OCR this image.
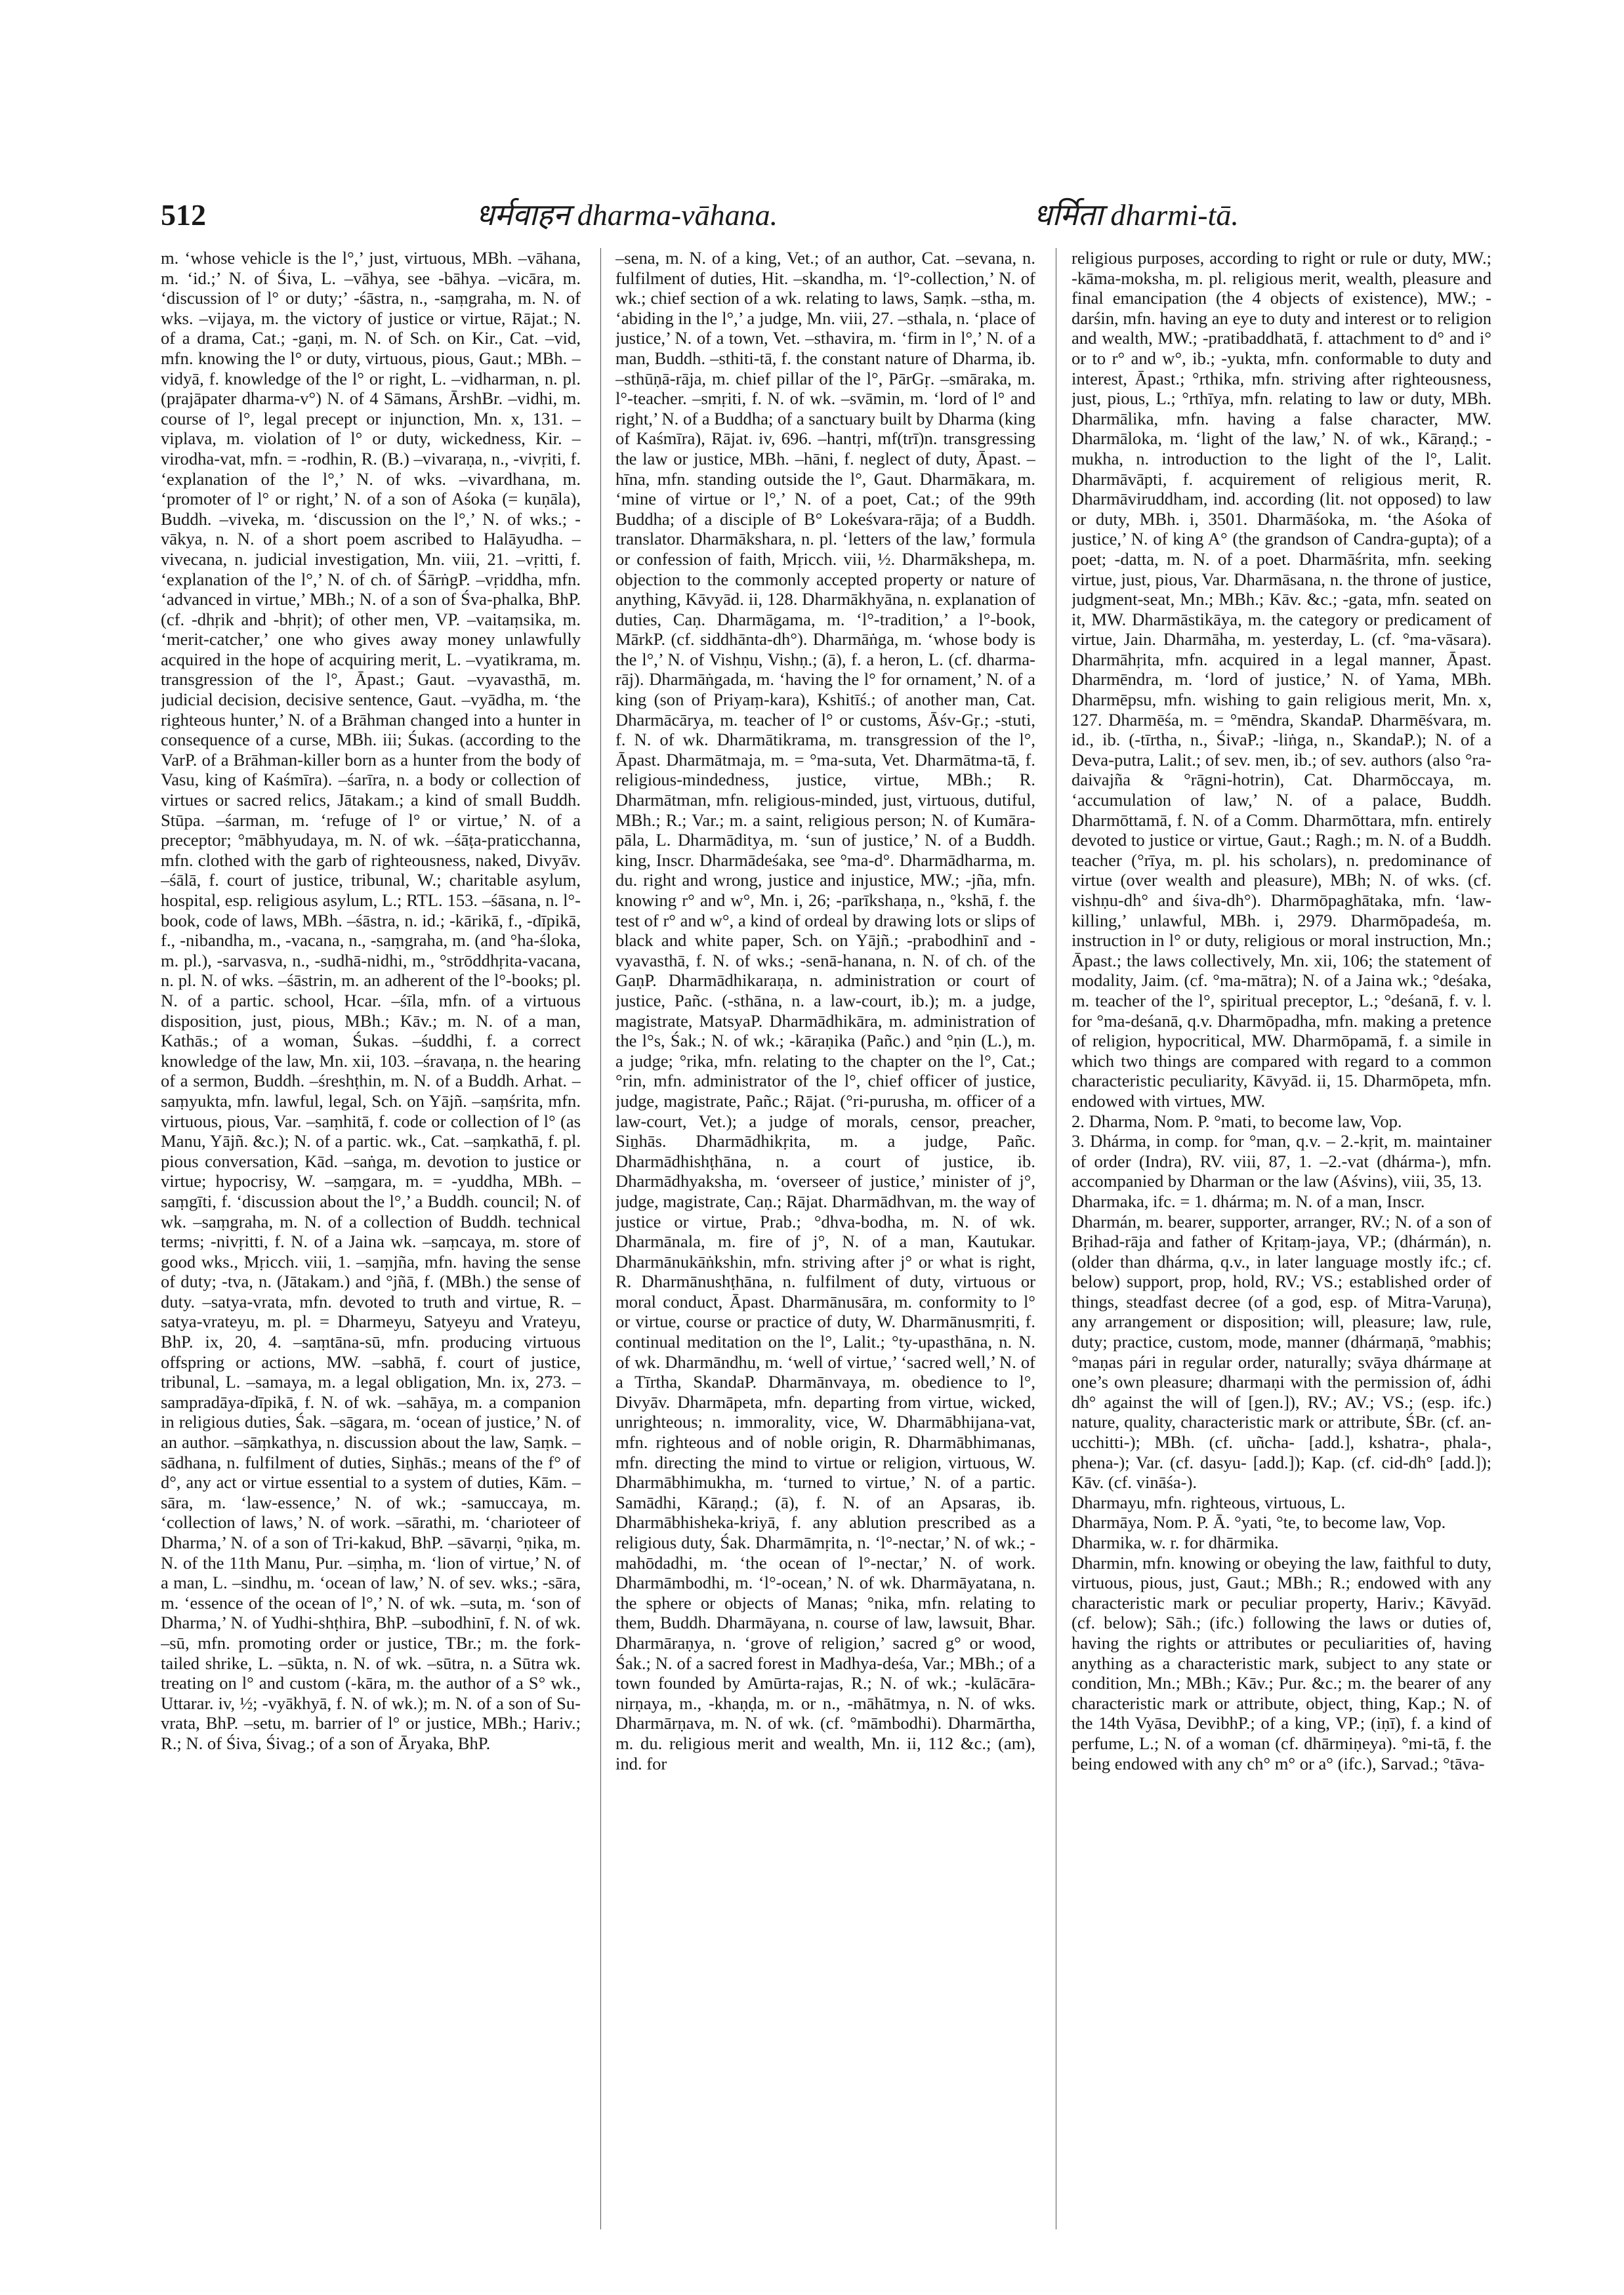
512	धर्मवाहन dharma-vāhana.	धर्मिता dharmi-tā.

m. ‘whose vehicle is the l°,’ just, virtuous, MBh. –vāhana, m. ‘id.;’ N. of Śiva, L. –vāhya, see -bāhya. –vicāra, m. ‘discussion of l° or duty;’ -śāstra, n., -saṃgraha, m. N. of wks. –vijaya, m. the victory of justice or virtue, Rājat.; N. of a drama, Cat.; -gaṇi, m. N. of Sch. on Kir., Cat. –vid, mfn. knowing the l° or duty, virtuous, pious, Gaut.; MBh. –vidyā, f. knowledge of the l° or right, L. –vidharman, n. pl. (prajāpater dharma-v°) N. of 4 Sāmans, ĀrshBr. –vidhi, m. course of l°, legal precept or injunction, Mn. x, 131. –viplava, m. violation of l° or duty, wickedness, Kir. –virodha-vat, mfn. = -rodhin, R. (B.) –vivaraṇa, n., -vivṛiti, f. ‘explanation of the l°,’ N. of wks. –vivardhana, m. ‘promoter of l° or right,’ N. of a son of Aśoka (= kuṇāla), Buddh. –viveka, m. ‘discussion on the l°,’ N. of wks.; -vākya, n. N. of a short poem ascribed to Halāyudha. –vivecana, n. judicial investigation, Mn. viii, 21. –vṛitti, f. ‘explanation of the l°,’ N. of ch. of ŚārṅgP. –vṛiddha, mfn. ‘advanced in virtue,’ MBh.; N. of a son of Śva-phalka, BhP. (cf. -dhṛik and -bhṛit); of other men, VP. –vaitaṃsika, m. ‘merit-catcher,’ one who gives away money unlawfully acquired in the hope of acquiring merit, L. –vyatikrama, m. transgression of the l°, Āpast.; Gaut. –vyavasthā, m. judicial decision, decisive sentence, Gaut. –vyādha, m. ‘the righteous hunter,’ N. of a Brāhman changed into a hunter in consequence of a curse, MBh. iii; Śukas. (according to the VarP. of a Brāhman-killer born as a hunter from the body of Vasu, king of Kaśmīra). –śarīra, n. a body or collection of virtues or sacred relics, Jātakam.; a kind of small Buddh. Stūpa. –śarman, m. ‘refuge of l° or virtue,’ N. of a preceptor; °mābhyudaya, m. N. of wk. –śāṭa-praticchanna, mfn. clothed with the garb of righteousness, naked, Divyāv. –śālā, f. court of justice, tribunal, W.; charitable asylum, hospital, esp. religious asylum, L.; RTL. 153. –śāsana, n. l°-book, code of laws, MBh. –śāstra, n. id.; -kārikā, f., -dīpikā, f., -nibandha, m., -vacana, n., -saṃgraha, m. (and °ha-śloka, m. pl.), -sarvasva, n., -sudhā-nidhi, m., °strōddhṛita-vacana, n. pl. N. of wks. –śāstrin, m. an adherent of the l°-books; pl. N. of a partic. school, Hcar. –śīla, mfn. of a virtuous disposition, just, pious, MBh.; Kāv.; m. N. of a man, Kathās.; of a woman, Śukas. –śuddhi, f. a correct knowledge of the law, Mn. xii, 103. –śravaṇa, n. the hearing of a sermon, Buddh. –śreshṭhin, m. N. of a Buddh. Arhat. –saṃyukta, mfn. lawful, legal, Sch. on Yājñ. –saṃśrita, mfn. virtuous, pious, Var. –saṃhitā, f. code or collection of l° (as Manu, Yājñ. &c.); N. of a partic. wk., Cat. –saṃkathā, f. pl. pious conversation, Kād. –saṅga, m. devotion to justice or virtue; hypocrisy, W. –saṃgara, m. = -yuddha, MBh. –saṃgīti, f. ‘discussion about the l°,’ a Buddh. council; N. of wk. –saṃgraha, m. N. of a collection of Buddh. technical terms; -nivṛitti, f. N. of a Jaina wk. –saṃcaya, m. store of good wks., Mṛicch. viii, 1. –saṃjña, mfn. having the sense of duty; -tva, n. (Jātakam.) and °jñā, f. (MBh.) the sense of duty. –satya-vrata, mfn. devoted to truth and virtue, R. –satya-vrateyu, m. pl. = Dharmeyu, Satyeyu and Vrateyu, BhP. ix, 20, 4. –saṃtāna-sū, mfn. producing virtuous offspring or actions, MW. –sabhā, f. court of justice, tribunal, L. –samaya, m. a legal obligation, Mn. ix, 273. –sampradāya-dīpikā, f. N. of wk. –sahāya, m. a companion in religious duties, Śak. –sāgara, m. ‘ocean of justice,’ N. of an author. –sāṃkathya, n. discussion about the law, Saṃk. –sādhana, n. fulfilment of duties, Siṉhās.; means of the f° of d°, any act or virtue essential to a system of duties, Kām. –sāra, m. ‘law-essence,’ N. of wk.; -samuccaya, m. ‘collection of laws,’ N. of work. –sārathi, m. ‘charioteer of Dharma,’ N. of a son of Tri-kakud, BhP. –sāvarṇi, °ṇika, m. N. of the 11th Manu, Pur. –siṃha, m. ‘lion of virtue,’ N. of a man, L. –sindhu, m. ‘ocean of law,’ N. of sev. wks.; -sāra, m. ‘essence of the ocean of l°,’ N. of wk. –suta, m. ‘son of Dharma,’ N. of Yudhi-shṭhira, BhP. –subodhinī, f. N. of wk. –sū, mfn. promoting order or justice, TBr.; m. the fork-tailed shrike, L. –sūkta, n. N. of wk. –sūtra, n. a Sūtra wk. treating on l° and custom (-kāra, m. the author of a S° wk., Uttarar. iv, ½; -vyākhyā, f. N. of wk.); m. N. of a son of Su-vrata, BhP. –setu, m. barrier of l° or justice, MBh.; Hariv.; R.; N. of Śiva, Śivag.; of a son of Āryaka, BhP.

–sena, m. N. of a king, Vet.; of an author, Cat. –sevana, n. fulfilment of duties, Hit. –skandha, m. ‘l°-collection,’ N. of wk.; chief section of a wk. relating to laws, Saṃk. –stha, m. ‘abiding in the l°,’ a judge, Mn. viii, 27. –sthala, n. ‘place of justice,’ N. of a town, Vet. –sthavira, m. ‘firm in l°,’ N. of a man, Buddh. –sthiti-tā, f. the constant nature of Dharma, ib. –sthūṇā-rāja, m. chief pillar of the l°, PārGṛ. –smāraka, m. l°-teacher. –smṛiti, f. N. of wk. –svāmin, m. ‘lord of l° and right,’ N. of a Buddha; of a sanctuary built by Dharma (king of Kaśmīra), Rājat. iv, 696. –hantṛi, mf(trī)n. transgressing the law or justice, MBh. –hāni, f. neglect of duty, Āpast. –hīna, mfn. standing outside the l°, Gaut. Dharmākara, m. ‘mine of virtue or l°,’ N. of a poet, Cat.; of the 99th Buddha; of a disciple of B° Lokeśvara-rāja; of a Buddh. translator. Dharmākshara, n. pl. ‘letters of the law,’ formula or confession of faith, Mṛicch. viii, ½. Dharmākshepa, m. objection to the commonly accepted property or nature of anything, Kāvyād. ii, 128. Dharmākhyāna, n. explanation of duties, Caṇ. Dharmāgama, m. ‘l°-tradition,’ a l°-book, MārkP. (cf. siddhānta-dh°). Dharmāṅga, m. ‘whose body is the l°,’ N. of Vishṇu, Vishṇ.; (ā), f. a heron, L. (cf. dharma-rāj). Dharmāṅgada, m. ‘having the l° for ornament,’ N. of a king (son of Priyaṃ-kara), Kshitīś.; of another man, Cat. Dharmācārya, m. teacher of l° or customs, Āśv-Gṛ.; -stuti, f. N. of wk. Dharmātikrama, m. transgression of the l°, Āpast. Dharmātmaja, m. = °ma-suta, Vet. Dharmātma-tā, f. religious-mindedness, justice, virtue, MBh.; R. Dharmātman, mfn. religious-minded, just, virtuous, dutiful, MBh.; R.; Var.; m. a saint, religious person; N. of Kumāra-pāla, L. Dharmāditya, m. ‘sun of justice,’ N. of a Buddh. king, Inscr. Dharmādeśaka, see °ma-d°. Dharmādharma, m. du. right and wrong, justice and injustice, MW.; -jña, mfn. knowing r° and w°, Mn. i, 26; -parīkshaṇa, n., °kshā, f. the test of r° and w°, a kind of ordeal by drawing lots or slips of black and white paper, Sch. on Yājñ.; -prabodhinī and -vyavasthā, f. N. of wks.; -senā-hanana, n. N. of ch. of the GaṇP. Dharmādhikaraṇa, n. administration or court of justice, Pañc. (-sthāna, n. a law-court, ib.); m. a judge, magistrate, MatsyaP. Dharmādhikāra, m. administration of the l°s, Śak.; N. of wk.; -kāraṇika (Pañc.) and °ṇin (L.), m. a judge; °rika, mfn. relating to the chapter on the l°, Cat.; °rin, mfn. administrator of the l°, chief officer of justice, judge, magistrate, Pañc.; Rājat. (°ri-purusha, m. officer of a law-court, Vet.); a judge of morals, censor, preacher, Siṉhās. Dharmādhikṛita, m. a judge, Pañc. Dharmādhishṭhāna, n. a court of justice, ib. Dharmādhyaksha, m. ‘overseer of justice,’ minister of j°, judge, magistrate, Caṇ.; Rājat. Dharmādhvan, m. the way of justice or virtue, Prab.; °dhva-bodha, m. N. of wk. Dharmānala, m. fire of j°, N. of a man, Kautukar. Dharmānukāṅkshin, mfn. striving after j° or what is right, R. Dharmānushṭhāna, n. fulfilment of duty, virtuous or moral conduct, Āpast. Dharmānusāra, m. conformity to l° or virtue, course or practice of duty, W. Dharmānusmṛiti, f. continual meditation on the l°, Lalit.; °ty-upasthāna, n. N. of wk. Dharmāndhu, m. ‘well of virtue,’ ‘sacred well,’ N. of a Tīrtha, SkandaP. Dharmānvaya, m. obedience to l°, Divyāv. Dharmāpeta, mfn. departing from virtue, wicked, unrighteous; n. immorality, vice, W. Dharmābhijana-vat, mfn. righteous and of noble origin, R. Dharmābhimanas, mfn. directing the mind to virtue or religion, virtuous, W. Dharmābhimukha, m. ‘turned to virtue,’ N. of a partic. Samādhi, Kāraṇḍ.; (ā), f. N. of an Apsaras, ib. Dharmābhisheka-kriyā, f. any ablution prescribed as a religious duty, Śak. Dharmāmṛita, n. ‘l°-nectar,’ N. of wk.; -mahōdadhi, m. ‘the ocean of l°-nectar,’ N. of work. Dharmāmbodhi, m. ‘l°-ocean,’ N. of wk. Dharmāyatana, n. the sphere or objects of Manas; °nika, mfn. relating to them, Buddh. Dharmāyana, n. course of law, lawsuit, Bhar. Dharmāraṇya, n. ‘grove of religion,’ sacred g° or wood, Śak.; N. of a sacred forest in Madhya-deśa, Var.; MBh.; of a town founded by Amūrta-rajas, R.; N. of wk.; -kulācāra-nirṇaya, m., -khaṇḍa, m. or n., -māhātmya, n. N. of wks. Dharmārṇava, m. N. of wk. (cf. °māmbodhi). Dharmārtha, m. du. religious merit and wealth, Mn. ii, 112 &c.; (am), ind. for

religious purposes, according to right or rule or duty, MW.; -kāma-moksha, m. pl. religious merit, wealth, pleasure and final emancipation (the 4 objects of existence), MW.; -darśin, mfn. having an eye to duty and interest or to religion and wealth, MW.; -pratibaddhatā, f. attachment to d° and i° or to r° and w°, ib.; -yukta, mfn. conformable to duty and interest, Āpast.; °rthika, mfn. striving after righteousness, just, pious, L.; °rthīya, mfn. relating to law or duty, MBh. Dharmālika, mfn. having a false character, MW. Dharmāloka, m. ‘light of the law,’ N. of wk., Kāraṇḍ.; -mukha, n. introduction to the light of the l°, Lalit. Dharmāvāpti, f. acquirement of religious merit, R. Dharmāviruddham, ind. according (lit. not opposed) to law or duty, MBh. i, 3501. Dharmāśoka, m. ‘the Aśoka of justice,’ N. of king A° (the grandson of Candra-gupta); of a poet; -datta, m. N. of a poet. Dharmāśrita, mfn. seeking virtue, just, pious, Var. Dharmāsana, n. the throne of justice, judgment-seat, Mn.; MBh.; Kāv. &c.; -gata, mfn. seated on it, MW. Dharmāstikāya, m. the category or predicament of virtue, Jain. Dharmāha, m. yesterday, L. (cf. °ma-vāsara). Dharmāhṛita, mfn. acquired in a legal manner, Āpast. Dharmēndra, m. ‘lord of justice,’ N. of Yama, MBh. Dharmēpsu, mfn. wishing to gain religious merit, Mn. x, 127. Dharmēśa, m. = °mēndra, SkandaP. Dharmēśvara, m. id., ib. (-tīrtha, n., ŚivaP.; -liṅga, n., SkandaP.); N. of a Deva-putra, Lalit.; of sev. men, ib.; of sev. authors (also °ra-daivajña & °rāgni-hotrin), Cat. Dharmōccaya, m. ‘accumulation of law,’ N. of a palace, Buddh. Dharmōttamā, f. N. of a Comm. Dharmōttara, mfn. entirely devoted to justice or virtue, Gaut.; Ragh.; m. N. of a Buddh. teacher (°rīya, m. pl. his scholars), n. predominance of virtue (over wealth and pleasure), MBh; N. of wks. (cf. vishṇu-dh° and śiva-dh°). Dharmōpaghātaka, mfn. ‘law-killing,’ unlawful, MBh. i, 2979. Dharmōpadeśa, m. instruction in l° or duty, religious or moral instruction, Mn.; Āpast.; the laws collectively, Mn. xii, 106; the statement of modality, Jaim. (cf. °ma-mātra); N. of a Jaina wk.; °deśaka, m. teacher of the l°, spiritual preceptor, L.; °deśanā, f. v. l. for °ma-deśanā, q.v. Dharmōpadha, mfn. making a pretence of religion, hypocritical, MW. Dharmōpamā, f. a simile in which two things are compared with regard to a common characteristic peculiarity, Kāvyād. ii, 15. Dharmōpeta, mfn. endowed with virtues, MW.

2. Dharma, Nom. P. °mati, to become law, Vop.

3. Dhárma, in comp. for °man, q.v. – 2.-kṛit, m. maintainer of order (Indra), RV. viii, 87, 1. –2.-vat (dhárma-), mfn. accompanied by Dharman or the law (Aśvins), viii, 35, 13.

Dharmaka, ifc. = 1. dhárma; m. N. of a man, Inscr.

Dharmán, m. bearer, supporter, arranger, RV.; N. of a son of Bṛihad-rāja and father of Kṛitaṃ-jaya, VP.; (dhármán), n. (older than dhárma, q.v., in later language mostly ifc.; cf. below) support, prop, hold, RV.; VS.; established order of things, steadfast decree (of a god, esp. of Mitra-Varuṇa), any arrangement or disposition; will, pleasure; law, rule, duty; practice, custom, mode, manner (dhármaṇā, °mabhis; °maṇas pári in regular order, naturally; svāya dhármaṇe at one’s own pleasure; dharmaṇi with the permission of, ádhi dh° against the will of [gen.]), RV.; AV.; VS.; (esp. ifc.) nature, quality, characteristic mark or attribute, ŚBr. (cf. an-ucchitti-); MBh. (cf. uñcha- [add.], kshatra-, phala-, phena-); Var. (cf. dasyu- [add.]); Kap. (cf. cid-dh° [add.]); Kāv. (cf. vināśa-).

Dharmayu, mfn. righteous, virtuous, L.

Dharmāya, Nom. P. Ā. °yati, °te, to become law, Vop.

Dharmika, w. r. for dhārmika.

Dharmin, mfn. knowing or obeying the law, faithful to duty, virtuous, pious, just, Gaut.; MBh.; R.; endowed with any characteristic mark or peculiar property, Hariv.; Kāvyād. (cf. below); Sāh.; (ifc.) following the laws or duties of, having the rights or attributes or peculiarities of, having anything as a characteristic mark, subject to any state or condition, Mn.; MBh.; Kāv.; Pur. &c.; m. the bearer of any characteristic mark or attribute, object, thing, Kap.; N. of the 14th Vyāsa, DevibhP.; of a king, VP.; (iṇī), f. a kind of perfume, L.; N. of a woman (cf. dhārmiṇeya). °mi-tā, f. the being endowed with any ch° m° or a° (ifc.), Sarvad.; °tāva-
